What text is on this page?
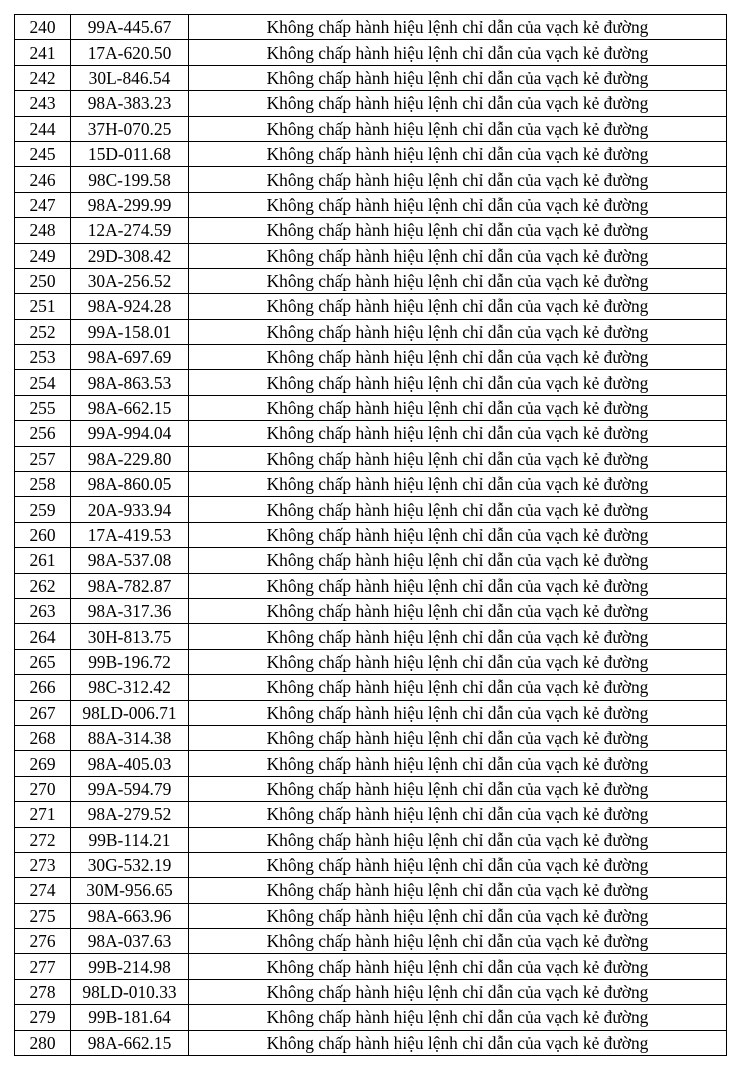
240	99A-445.67	Không chấp hành hiệu lệnh chỉ dẫn của vạch kẻ đường
241	17A-620.50	Không chấp hành hiệu lệnh chỉ dẫn của vạch kẻ đường
242	30L-846.54	Không chấp hành hiệu lệnh chỉ dẫn của vạch kẻ đường
243	98A-383.23	Không chấp hành hiệu lệnh chỉ dẫn của vạch kẻ đường
244	37H-070.25	Không chấp hành hiệu lệnh chỉ dẫn của vạch kẻ đường
245	15D-011.68	Không chấp hành hiệu lệnh chỉ dẫn của vạch kẻ đường
246	98C-199.58	Không chấp hành hiệu lệnh chỉ dẫn của vạch kẻ đường
247	98A-299.99	Không chấp hành hiệu lệnh chỉ dẫn của vạch kẻ đường
248	12A-274.59	Không chấp hành hiệu lệnh chỉ dẫn của vạch kẻ đường
249	29D-308.42	Không chấp hành hiệu lệnh chỉ dẫn của vạch kẻ đường
250	30A-256.52	Không chấp hành hiệu lệnh chỉ dẫn của vạch kẻ đường
251	98A-924.28	Không chấp hành hiệu lệnh chỉ dẫn của vạch kẻ đường
252	99A-158.01	Không chấp hành hiệu lệnh chỉ dẫn của vạch kẻ đường
253	98A-697.69	Không chấp hành hiệu lệnh chỉ dẫn của vạch kẻ đường
254	98A-863.53	Không chấp hành hiệu lệnh chỉ dẫn của vạch kẻ đường
255	98A-662.15	Không chấp hành hiệu lệnh chỉ dẫn của vạch kẻ đường
256	99A-994.04	Không chấp hành hiệu lệnh chỉ dẫn của vạch kẻ đường
257	98A-229.80	Không chấp hành hiệu lệnh chỉ dẫn của vạch kẻ đường
258	98A-860.05	Không chấp hành hiệu lệnh chỉ dẫn của vạch kẻ đường
259	20A-933.94	Không chấp hành hiệu lệnh chỉ dẫn của vạch kẻ đường
260	17A-419.53	Không chấp hành hiệu lệnh chỉ dẫn của vạch kẻ đường
261	98A-537.08	Không chấp hành hiệu lệnh chỉ dẫn của vạch kẻ đường
262	98A-782.87	Không chấp hành hiệu lệnh chỉ dẫn của vạch kẻ đường
263	98A-317.36	Không chấp hành hiệu lệnh chỉ dẫn của vạch kẻ đường
264	30H-813.75	Không chấp hành hiệu lệnh chỉ dẫn của vạch kẻ đường
265	99B-196.72	Không chấp hành hiệu lệnh chỉ dẫn của vạch kẻ đường
266	98C-312.42	Không chấp hành hiệu lệnh chỉ dẫn của vạch kẻ đường
267	98LD-006.71	Không chấp hành hiệu lệnh chỉ dẫn của vạch kẻ đường
268	88A-314.38	Không chấp hành hiệu lệnh chỉ dẫn của vạch kẻ đường
269	98A-405.03	Không chấp hành hiệu lệnh chỉ dẫn của vạch kẻ đường
270	99A-594.79	Không chấp hành hiệu lệnh chỉ dẫn của vạch kẻ đường
271	98A-279.52	Không chấp hành hiệu lệnh chỉ dẫn của vạch kẻ đường
272	99B-114.21	Không chấp hành hiệu lệnh chỉ dẫn của vạch kẻ đường
273	30G-532.19	Không chấp hành hiệu lệnh chỉ dẫn của vạch kẻ đường
274	30M-956.65	Không chấp hành hiệu lệnh chỉ dẫn của vạch kẻ đường
275	98A-663.96	Không chấp hành hiệu lệnh chỉ dẫn của vạch kẻ đường
276	98A-037.63	Không chấp hành hiệu lệnh chỉ dẫn của vạch kẻ đường
277	99B-214.98	Không chấp hành hiệu lệnh chỉ dẫn của vạch kẻ đường
278	98LD-010.33	Không chấp hành hiệu lệnh chỉ dẫn của vạch kẻ đường
279	99B-181.64	Không chấp hành hiệu lệnh chỉ dẫn của vạch kẻ đường
280	98A-662.15	Không chấp hành hiệu lệnh chỉ dẫn của vạch kẻ đường
